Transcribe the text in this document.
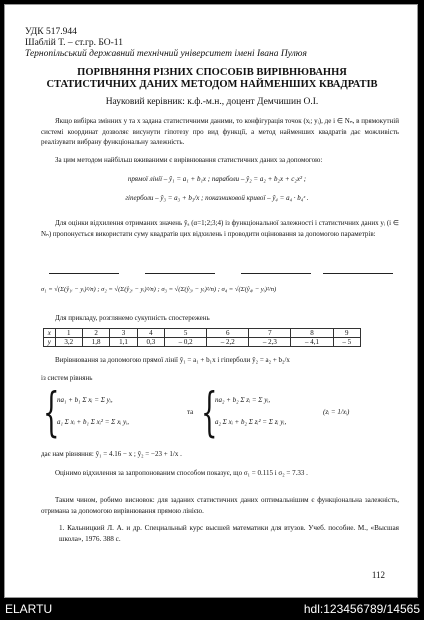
УДК 517.944
Шаблій Т. – ст.гр. БО-11
Тернопільський державний технічний університет імені Івана Пулюя
ПОРІВНЯННЯ РІЗНИХ СПОСОБІВ ВИРІВНЮВАННЯ
СТАТИСТИЧНИХ ДАНИХ МЕТОДОМ НАЙМЕНШИХ КВАДРАТІВ
Науковий керівник: к.ф.-м.н., доцент Демчишин О.І.
Якщо вибірка змінних y та x задана статистичними даними, то конфігурація точок (xᵢ; yᵢ), де i ∈ Nₙ, в прямокутній системі координат дозволяє висунути гіпотезу про вид функції, а метод найменших квадратів дає можливість реалізувати вибрану функціональну залежність.
За цим методом найбільш вживаними є вирівнювання статистичних даних за допомогою:
прямої лінії – ŷ₁ = a₁ + b₁x ; параболи – ŷ₂ = a₂ + b₂x + c₂x² ;
гіперболи – ŷ₃ = a₃ + b₃/x ; показниковой кривої – ŷ₄ = a₄ · b₄ˣ .
Для оцінки відхилення отриманих значень ŷₐ (α=1;2;3;4) із функціональної залежності і статистичних даних yᵢ (i ∈ Nₙ) пропонується використати суму квадратів цих відхилень і проводити оцінювання за допомогою параметрів:
σ₁ = √(Σ(ŷ₁ᵢ − yᵢ)²/n) ; σ₂ = √(Σ(ŷ₂ᵢ − yᵢ)²/n) ; σ₃ = √(Σ(ŷ₃ᵢ − yᵢ)²/n) ; σ₄ = √(Σ(ŷ₄ᵢ − yᵢ)²/n)
Для прикладу, розглянемо сукупність спостережень
x	1	2	3	4	5	6	7	8	9
y	3,2	1,8	1,1	0,3	– 0,2	– 2,2	– 2,3	– 4,1	– 5
Вирівнювання за допомогою прямої лінії ŷ₁ = a₁ + b₁x і гіперболи ŷ₂ = a₂ + b₂/x
із систем рівнянь
{
na₁ + b₁ Σ xᵢ = Σ yᵢ,
a₁ Σ xᵢ + b₁ Σ xᵢ² = Σ xᵢ yᵢ,
та {
na₂ + b₂ Σ zᵢ = Σ yᵢ,
a₂ Σ xᵢ + b₂ Σ zᵢ² = Σ zᵢ yᵢ,
(zᵢ = 1/xᵢ)
дає нам рівняння: ŷ₁ = 4.16 − x ; ŷ₂ = −23 + 1/x .
Оцінимо відхилення за запропонованим способом показує, що σ₁ = 0.115 і σ₂ = 7.33 .
Таким чином, робимо висновок: для заданих статистичних даних оптимальнішим є функціональна залежність, отримана за допомогою вирівнювання прямою лінією.
1. Кальницкий Л. А. и др. Специальный курс высшей математики для втузов. Учеб. пособие. М., «Высшая школа», 1976. 388 с.
112
ELARTU	hdl:123456789/14565
